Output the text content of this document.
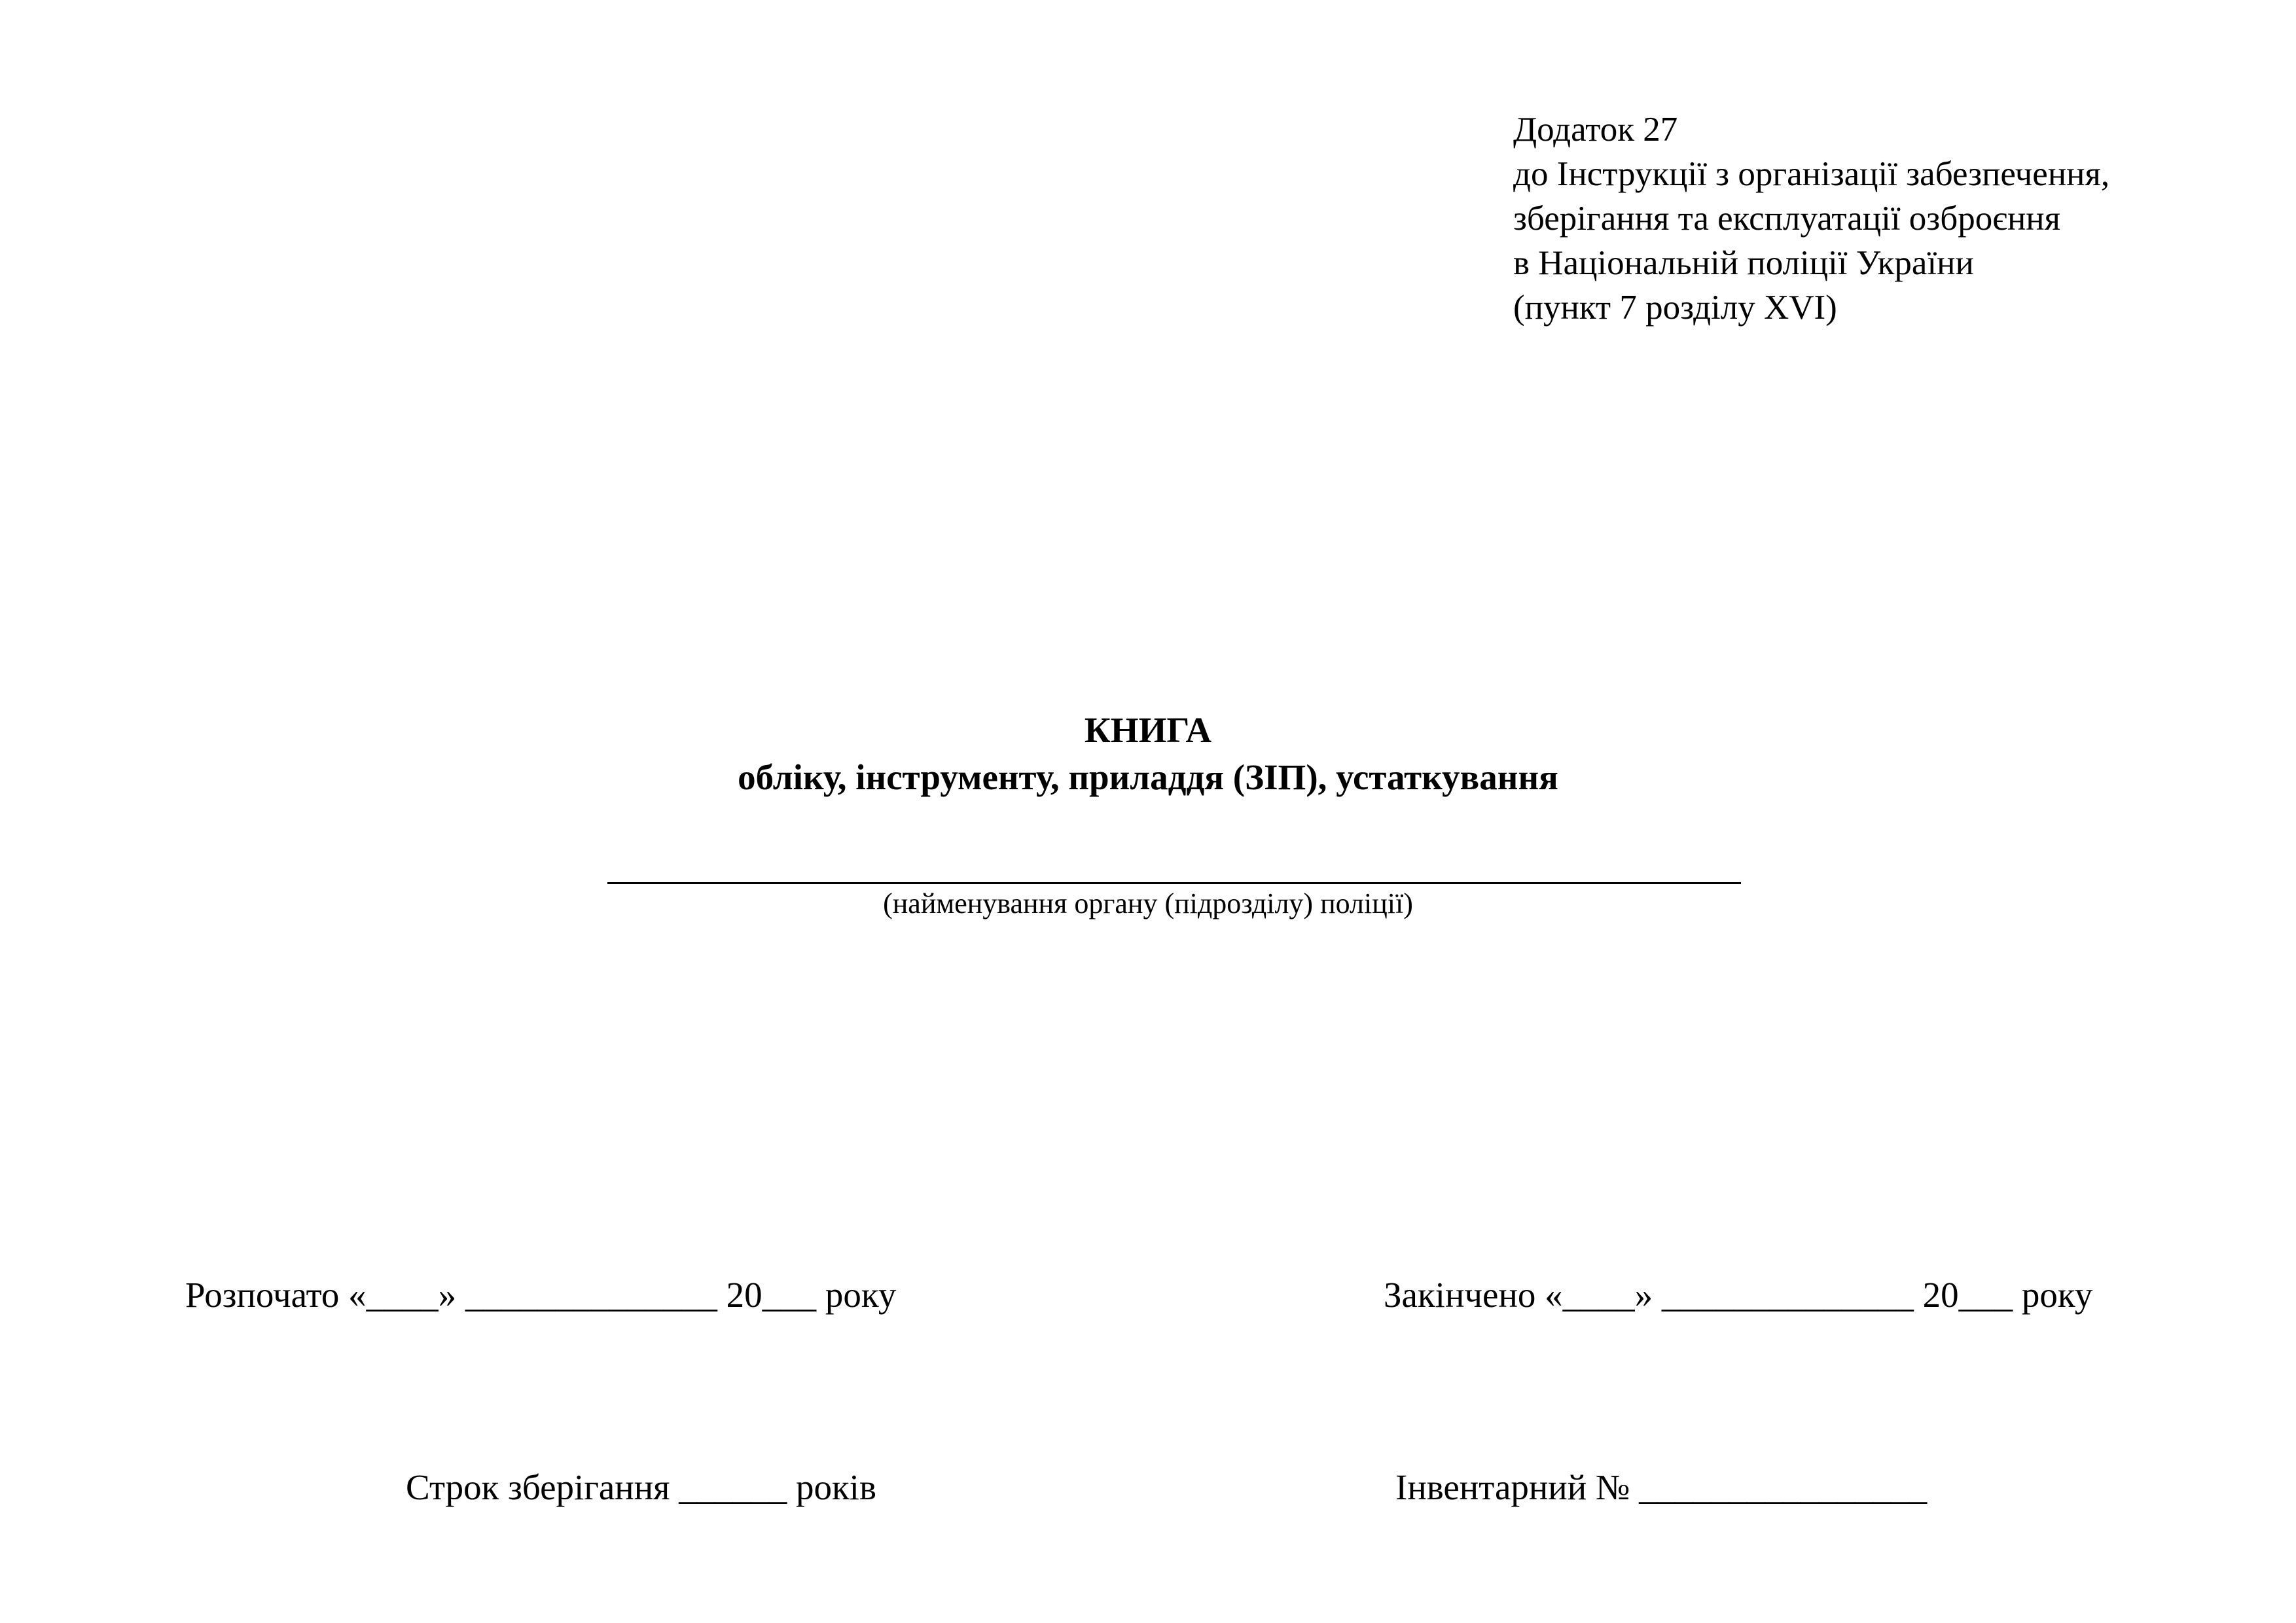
Додаток 27
до Інструкції з організації забезпечення,
зберігання та експлуатації озброєння
в Національній поліції України
(пункт 7 розділу XVI)
КНИГА
обліку, інструменту, приладдя (ЗІП), устаткування
(найменування органу (підрозділу) поліції)
Розпочато «____» ______________ 20___ року	Закінчено «____» ______________ 20___ року
Строк зберігання ______ років	Інвентарний № ________________
